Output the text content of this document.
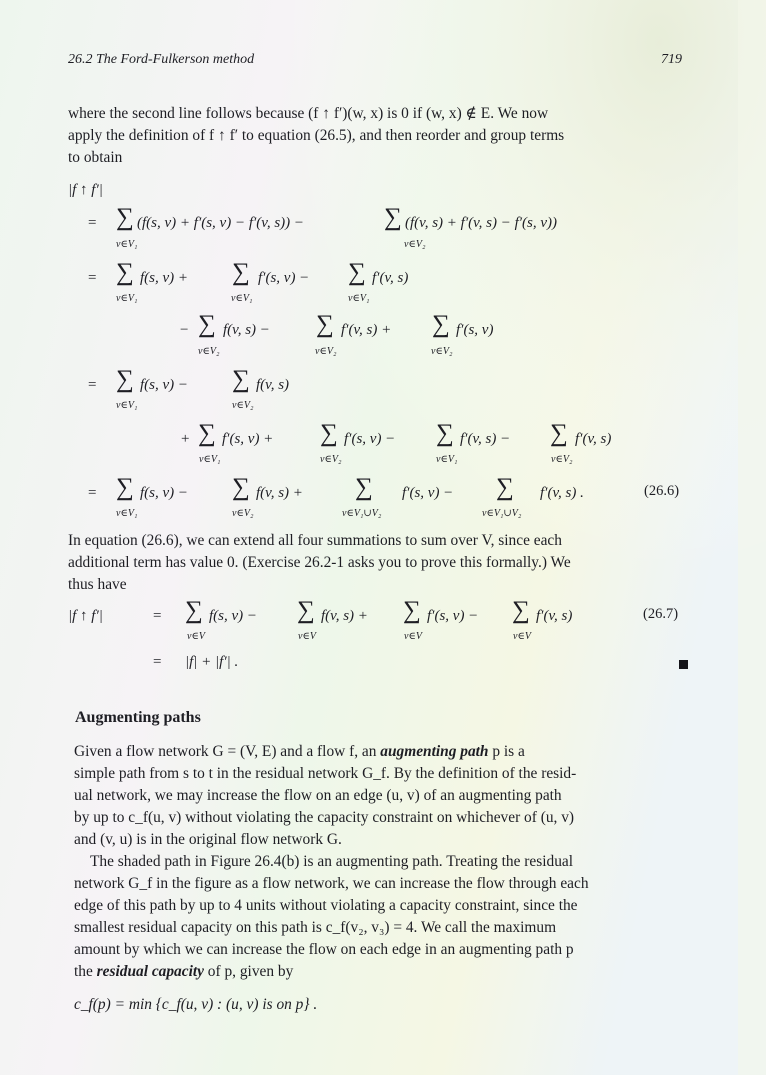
26.2 The Ford-Fulkerson method	719
where the second line follows because (f ↑ f′)(w, x) is 0 if (w, x) ∉ E. We now
apply the definition of f ↑ f′ to equation (26.5), and then reorder and group terms
to obtain
|f ↑ f′|
= ∑ (f(s, v) + f′(s, v) − f′(v, s)) −	∑ (f(v, s) + f′(v, s) − f′(s, v))
v∈V₁	v∈V₂
= ∑ f(s, v) + ∑ f′(s, v) − ∑ f′(v, s)
v∈V₁	v∈V₁	v∈V₁
− ∑ f(v, s) − ∑ f′(v, s) + ∑ f′(s, v)
v∈V₂	v∈V₂	v∈V₂
= ∑ f(s, v) − ∑ f(v, s)
v∈V₁	v∈V₂
+ ∑ f′(s, v) + ∑ f′(s, v) − ∑ f′(v, s) − ∑ f′(v, s)
v∈V₁	v∈V₂	v∈V₁	v∈V₂
= ∑ f(s, v) − ∑ f(v, s) + ∑ f′(s, v) − ∑ f′(v, s) .
v∈V₁	v∈V₂	v∈V₁∪V₂	v∈V₁∪V₂
(26.6)
In equation (26.6), we can extend all four summations to sum over V, since each
additional term has value 0. (Exercise 26.2-1 asks you to prove this formally.) We
thus have
|f ↑ f′|	= ∑ f(s, v) − ∑ f(v, s) + ∑ f′(s, v) − ∑ f′(v, s)
v∈V	v∈V	v∈V	v∈V
(26.7)
= |f| + |f′| .
Augmenting paths
Given a flow network G = (V, E) and a flow f, an augmenting path p is a
simple path from s to t in the residual network G_f. By the definition of the resid-
ual network, we may increase the flow on an edge (u, v) of an augmenting path
by up to c_f(u, v) without violating the capacity constraint on whichever of (u, v)
and (v, u) is in the original flow network G.
The shaded path in Figure 26.4(b) is an augmenting path. Treating the residual
network G_f in the figure as a flow network, we can increase the flow through each
edge of this path by up to 4 units without violating a capacity constraint, since the
smallest residual capacity on this path is c_f(v₂, v₃) = 4. We call the maximum
amount by which we can increase the flow on each edge in an augmenting path p
the residual capacity of p, given by
c_f(p) = min {c_f(u, v) : (u, v) is on p} .
